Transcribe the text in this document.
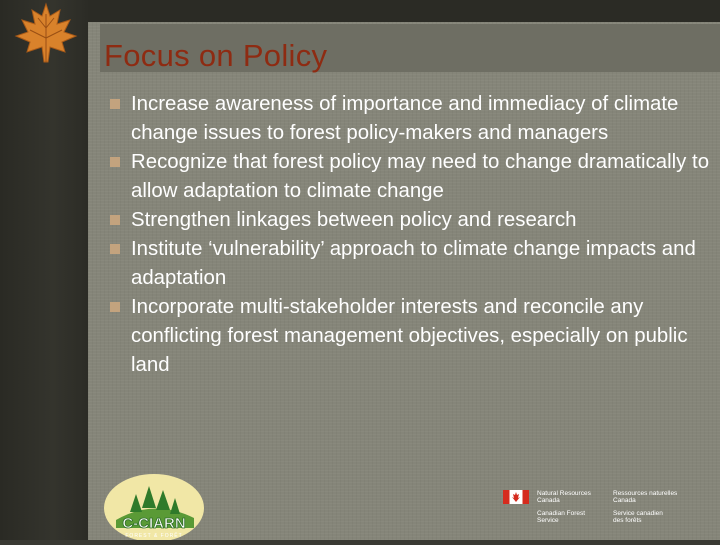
Focus on Policy
Increase awareness of importance and immediacy of climate change issues to forest policy-makers and managers
Recognize that forest policy may need to change dramatically to allow adaptation to climate change
Strengthen linkages between policy and research
Institute ‘vulnerability’ approach to climate change impacts and adaptation
Incorporate multi-stakeholder interests and reconcile any conflicting forest management objectives, especially on public land
C-CIARN
FOREST & FORÊT
Natural Resources
Canada
Ressources naturelles
Canada
Canadian Forest
Service
Service canadien
des forêts
